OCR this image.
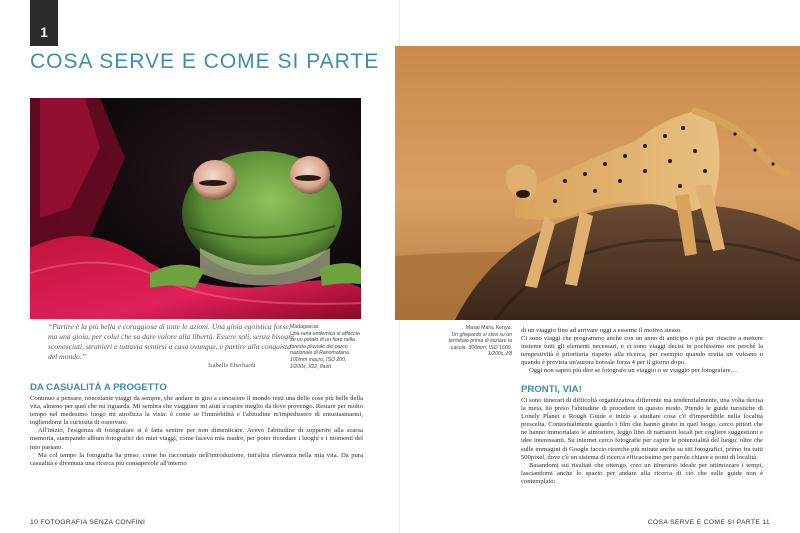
1
COSA SERVE E COME SI PARTE
Madagascar.
Una rana endemica si affaccia su un petalo di un fiore nella foresta pluviale del parco nazionale di Ranomafana. 100mm macro, ISO 200, 1/200s, f/22, flash
“Partire è la più bella e coraggiosa di tutte le azioni. Una gioia egoistica forse, ma una gioia, per colui che sa dare valore alla libertà. Essere soli, senza bisogni, sconosciuti, stranieri e tuttavia sentirsi a casa ovunque, e partire alla conquista del mondo.”
Isabelle Eberhardt
DA CASUALITÀ A PROGETTO

Continuo a pensare, nonostante viaggi da sempre, che andare in giro a conoscere il mondo resti una delle cose più belle della vita, almeno per quel che mi riguarda. Mi sembra che viaggiare mi aiuti a capire meglio da dove provengo. Restare per molto tempo nel medesimo luogo mi atrofizza la vista: è come se l'immobilità e l'abitudine m'impedissero di entusiasmarmi, togliendomi la curiosità di osservare.

All'inizio, l'esigenza di fotografare si è fatta sentire per non dimenticare. Avevo l'abitudine di sopperire alla scarsa memoria, stampando album fotografici dei miei viaggi, come faceva mia madre, per poter ricordare i luoghi e i momenti del mio passato.

Ma col tempo la fotografia ha preso, come ho raccontato nell'introduzione, tutt'altra rilevanza nella mia vita. Da pura casualità è diventata una ricerca più consapevole all'interno

10 FOTOGRAFIA SENZA CONFINI
Masai Mara, Kenya.
Un ghepardo si stira su un termitaio prima di iniziare la caccia. 300mm, ISO 1600, 1/200s, f/8

di un viaggio fino ad arrivare oggi a esserne il motivo stesso.

Ci sono viaggi che programmo anche con un anno di anticipo o più per riuscire a mettere insieme tutti gli elementi necessari, e ci sono viaggi decisi in pochissimo ore perché la tempestività è prioritaria rispetto alla ricerca, per esempio quando erutta un vulcano o quando è prevista un'aurora boreale forza 4 per il giorno dopo.

Oggi non saprei più dire se fotografo un viaggio o se viaggio per fotografare…

PRONTI, VIA!

Ci sono itinerari di difficoltà organizzativa differente ma tendenzialmente, una volta decisa la meta, ho preso l'abitudine di procedere in questo modo. Prendo le guide turistiche di Lonely Planet e Rough Guide e inizio a studiare cosa c'è d'imperdibile nella località prescelta. Contestualmente guardo i film che hanno girato in quel luogo, cerco pittori che ne hanno immortalato le atmosfere, leggo libri di narratori locali per cogliere suggestioni e idee interessanti. Su internet cerco fotografie per capire le potenzialità del luogo: oltre che sulle immagini di Google faccio ricerche più mirate anche su siti fotografici, primo fra tutti 500pixel, dove c'è un sistema di ricerca efficacissimo per parole chiave e nomi di località.

Basandomi sui risultati che ottengo, creo un itinerario ideale per ottimizzare i tempi, lasciandomi anche lo spazio per andare alla ricerca di ciò che sulle guide non è contemplato:

COSA SERVE E COME SI PARTE 11
